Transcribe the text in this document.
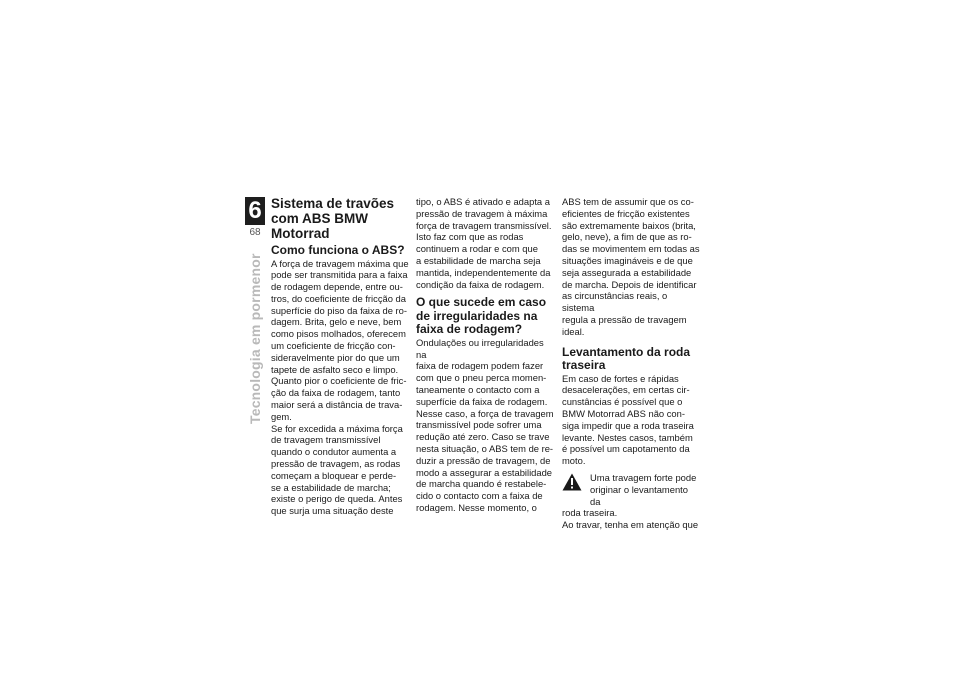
6
68
Tecnologia em pormenor
Sistema de travões com ABS BMW Motorrad
Como funciona o ABS?

A força de travagem máxima que
pode ser transmitida para a faixa
de rodagem depende, entre ou-
tros, do coeficiente de fricção da
superfície do piso da faixa de ro-
dagem. Brita, gelo e neve, bem
como pisos molhados, oferecem
um coeficiente de fricção con-
sideravelmente pior do que um
tapete de asfalto seco e limpo.
Quanto pior o coeficiente de fric-
ção da faixa de rodagem, tanto
maior será a distância de trava-
gem.

Se for excedida a máxima força
de travagem transmissível
quando o condutor aumenta a
pressão de travagem, as rodas
começam a bloquear e perde-
se a estabilidade de marcha;
existe o perigo de queda. Antes
que surja uma situação deste

tipo, o ABS é ativado e adapta a
pressão de travagem à máxima
força de travagem transmissível.
Isto faz com que as rodas
continuem a rodar e com que
a estabilidade de marcha seja
mantida, independentemente da
condição da faixa de rodagem.

O que sucede em caso de irregularidades na faixa de rodagem?

Ondulações ou irregularidades na
faixa de rodagem podem fazer
com que o pneu perca momen-
taneamente o contacto com a
superfície da faixa de rodagem.
Nesse caso, a força de travagem
transmissível pode sofrer uma
redução até zero. Caso se trave
nesta situação, o ABS tem de re-
duzir a pressão de travagem, de
modo a assegurar a estabilidade
de marcha quando é restabele-
cido o contacto com a faixa de
rodagem. Nesse momento, o

ABS tem de assumir que os co-
eficientes de fricção existentes
são extremamente baixos (brita,
gelo, neve), a fim de que as ro-
das se movimentem em todas as
situações imagináveis e de que
seja assegurada a estabilidade
de marcha. Depois de identificar
as circunstâncias reais, o sistema
regula a pressão de travagem
ideal.

Levantamento da roda traseira

Em caso de fortes e rápidas
desacelerações, em certas cir-
cunstâncias é possível que o
BMW Motorrad ABS não con-
siga impedir que a roda traseira
levante. Nestes casos, também
é possível um capotamento da
moto.

Uma travagem forte pode

originar o levantamento da

roda traseira.

Ao travar, tenha em atenção que
